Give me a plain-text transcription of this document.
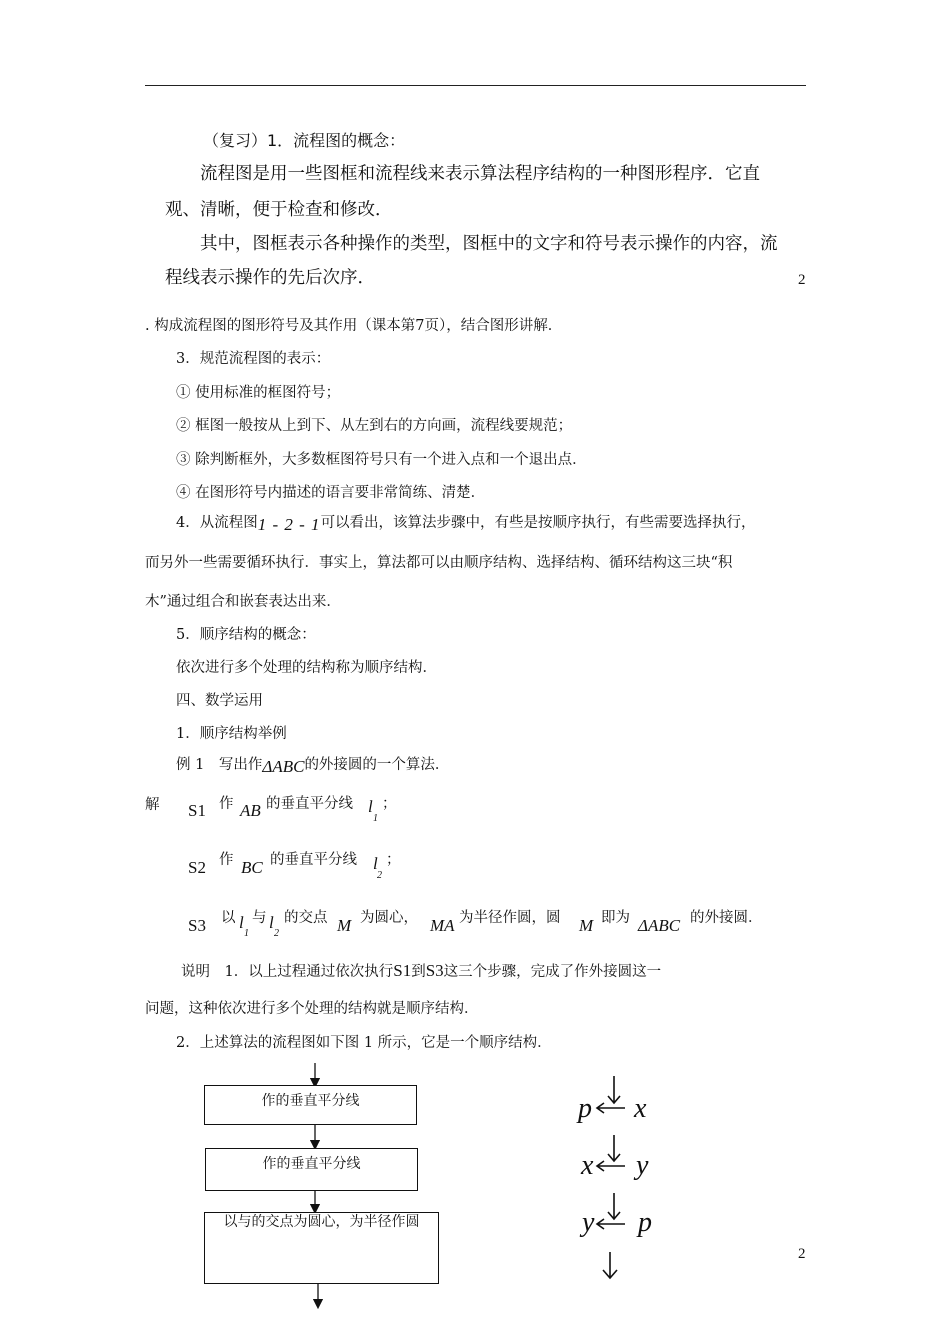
（复习）1．流程图的概念：
流程图是用一些图框和流程线来表示算法程序结构的一种图形程序．它直
观、清晰，便于检查和修改．
其中，图框表示各种操作的类型，图框中的文字和符号表示操作的内容，流
程线表示操作的先后次序．	2
. 构成流程图的图形符号及其作用（课本第7页），结合图形讲解．
3．规范流程图的表示：
① 使用标准的框图符号；
② 框图一般按从上到下、从左到右的方向画，流程线要规范；
③ 除判断框外，大多数框图符号只有一个进入点和一个退出点．
④ 在图形符号内描述的语言要非常简练、清楚．
4．从流程图1 - 2 - 1可以看出，该算法步骤中，有些是按顺序执行，有些需要选择执行，
而另外一些需要循环执行．事实上，算法都可以由顺序结构、选择结构、循环结构这三块“积
木”通过组合和嵌套表达出来．
5．顺序结构的概念：
依次进行多个处理的结构称为顺序结构．
四、数学运用
1．顺序结构举例
例 1　写出作ΔABC的外接圆的一个算法．
解 S1 作 AB 的垂直平分线 l
1
；
S2 作 BC 的垂直平分线 l
2
；
S3 以 l
1
与 l
2
的交点 M 为圆心， MA 为半径作圆，圆 M 即为 ΔABC 的外接圆．
说明　1．以上过程通过依次执行S1到S3这三个步骤，完成了作外接圆这一
问题，这种依次进行多个处理的结构就是顺序结构．
2．上述算法的流程图如下图 1 所示，它是一个顺序结构．
作的垂直平分线
作的垂直平分线
以与的交点为圆心，为半径作圆
p x
x y
y p
2
